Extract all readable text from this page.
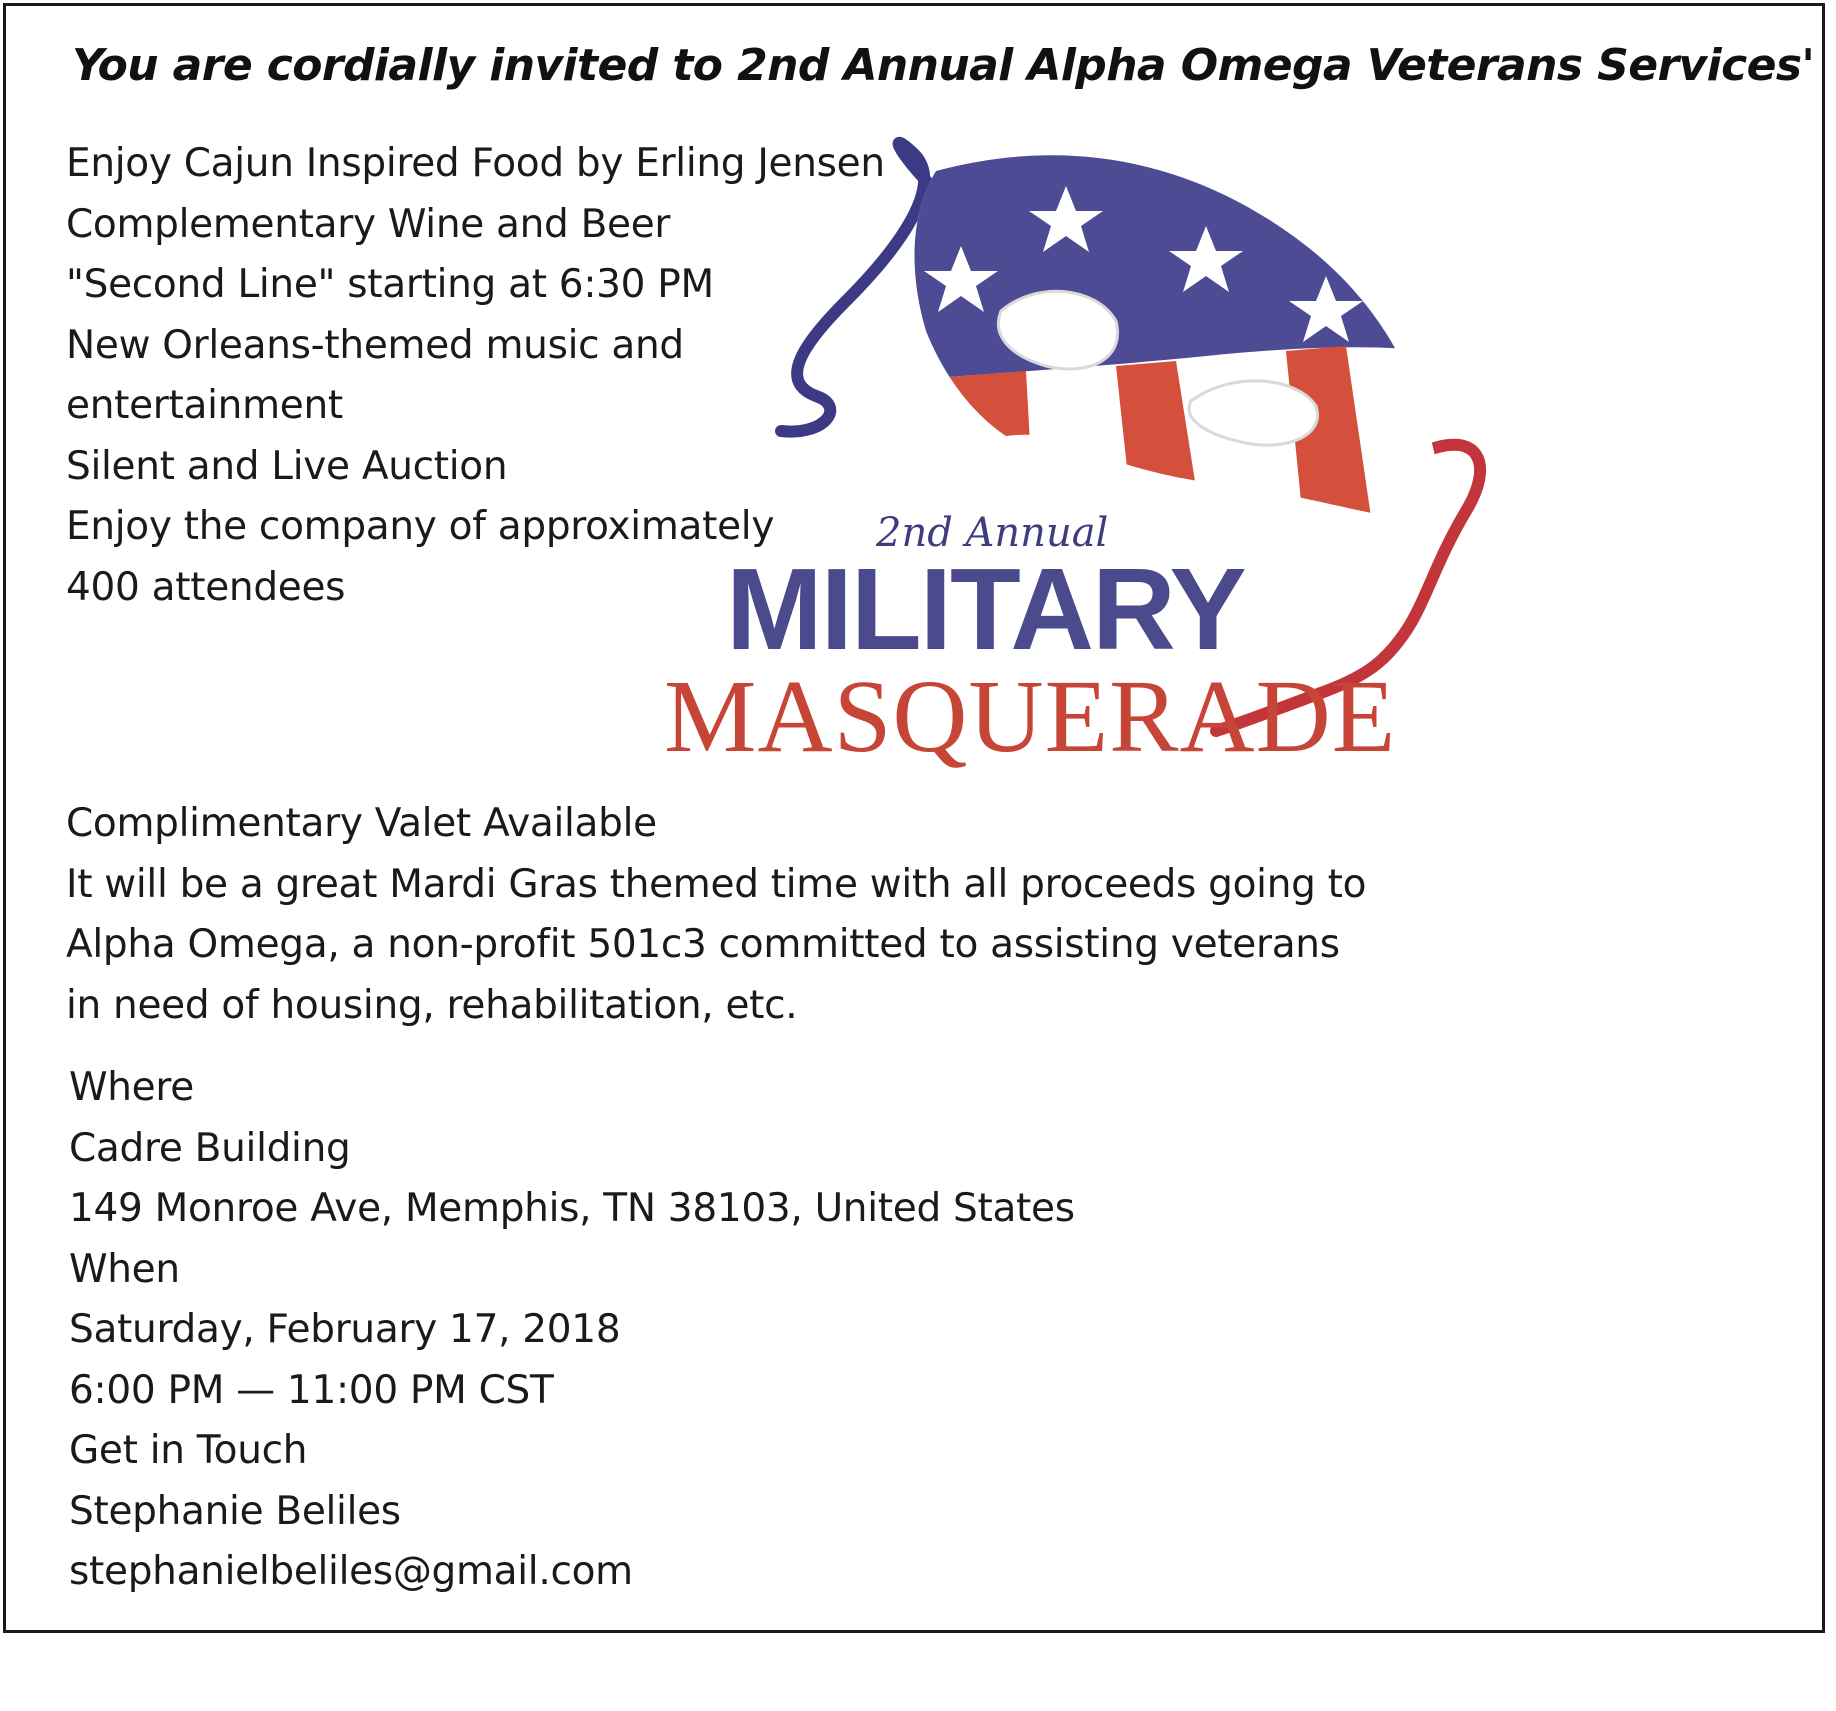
You are cordially invited to 2nd Annual Alpha Omega Veterans Services'
Enjoy Cajun Inspired Food by Erling Jensen
Complementary Wine and Beer
"Second Line" starting at 6:30 PM
New Orleans-themed music and
entertainment
Silent and Live Auction
Enjoy the company of approximately
400 attendees
2nd Annual
MILITARY
MASQUERADE
Complimentary Valet Available
It will be a great Mardi Gras themed time with all proceeds going to
Alpha Omega, a non-profit 501c3 committed to assisting veterans
in need of housing, rehabilitation, etc.
Where
Cadre Building
149 Monroe Ave, Memphis, TN 38103, United States
When
Saturday, February 17, 2018
6:00 PM — 11:00 PM CST
Get in Touch
Stephanie Beliles
stephanielbeliles@gmail.com
